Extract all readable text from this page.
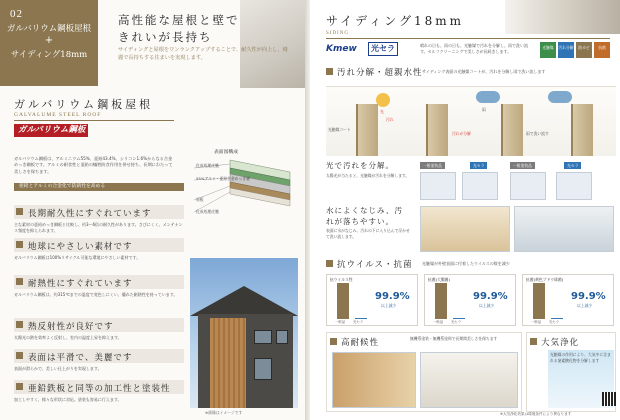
02
ガルバリウム鋼板屋根
+
サイディング18mm
高性能な屋根と壁で
きれいが長持ち
サイディングと屋根をワンランクアップすることで、耐久性が向上し、綺麗で長持ちする住まいを実現します。
ガルバリウム鋼板屋根
GALVALUME STEEL ROOF
ガルバリウム鋼板
表面図構成
化成処理皮膜
55%アルミ・亜鉛合金めっき層
原板
化成処理皮膜
ガルバリウム鋼板は、アルミニウム55%、亜鉛43.4%、シリコン1.6%からなる合金めっき鋼板です。アルミの耐食性と亜鉛の犠牲防食作用を併せ持ち、長期にわたって美しさを保ちます。
亜鉛とアルミの合金化で防錆性を高める
長期耐久性にすぐれています
主な素材の亜鉛めっき鋼板と比較し、約3〜6倍の耐久性があります。さびにくく、メンテナンス頻度を抑えられます。
地球にやさしい素材です
ガルバリウム鋼板は100%リサイクル可能な環境にやさしい素材です。
耐熱性にすぐれています
ガルバリウム鋼板は、約315℃までの温度で変色しにくい、優れた耐熱性を持っています。
熱反射性が良好です
太陽光の熱を効率よく反射し、室内の温度上昇を抑えます。
表面は平滑で、美麗です
表面が滑らかで、美しい仕上がりを実現します。
亜鉛鉄板と同等の加工性と塗装性
加工しやすく、様々な形状に対応。塗装も容易に行えます。
※画像はイメージです
サイディング18mm
SIDING
Kmew	光セラ	晴れの日も、雨の日も、光触媒で汚れを分解し、雨で洗い流す。セルフクリーニングで美しさが長続きします。
光触媒	汚れ分解	防カビ	抗菌
汚れ分解・超親水性 サイディング表面の光触媒コートが、汚れを分解し雨で洗い流します
光	雨
光触媒コート
汚れ
汚れが分解	雨で洗い流す
光で汚れを分解。
太陽光が当たると、光触媒が汚れを分解します。
一般塗装品	光セラ	一般塗装品	光セラ
水によくなじみ、汚れが落ちやすい。
表面に水がなじみ、汚れの下に入り込んで浮かせて洗い流します。
抗ウイルス・抗菌 光触媒が外壁表面に付着したウイルスの数を減少
抗ウイルス性
99.9%
以上減少
一般品 光セラ
抗菌(大腸菌)
99.9%
以上減少
一般品 光セラ
抗菌(黄色ブドウ球菌)
99.9%
以上減少
一般品 光セラ
高耐候性	無機系塗装・無機系塗料で長期間美しさを保ちます	大気浄化
光触媒の作用により、大気中に含まれる窒素酸化物を分解します
※大気浄化効果は環境条件により異なります
